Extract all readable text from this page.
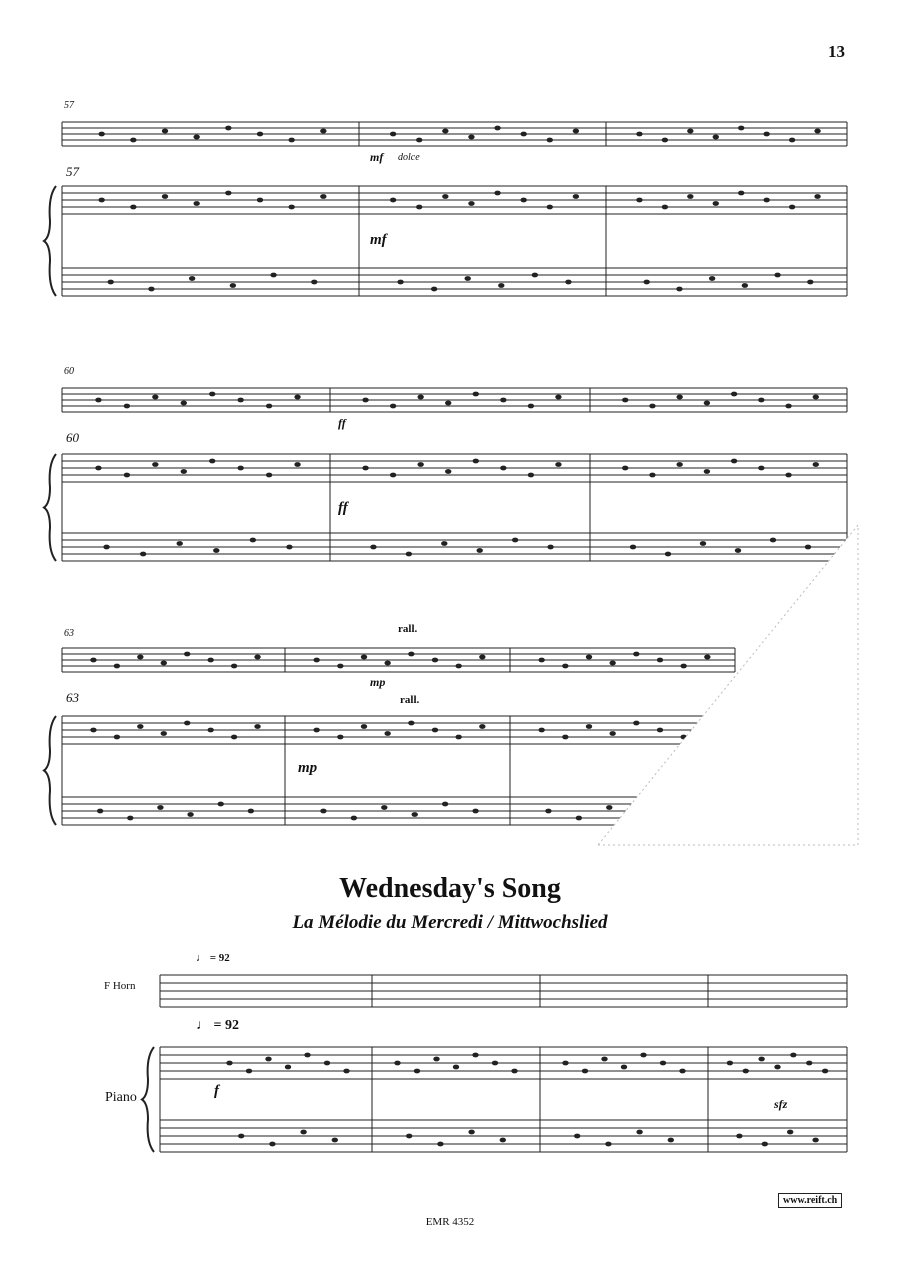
13
57
57
mf dolce
mf
60
60
ff
ff
63
63
rall.
rall.
mp
mp
Wednesday's Song
La Mélodie du Mercredi / Mittwochslied
♩ = 92
F Horn
♩ = 92
Piano	f
sfz
www.reift.ch
EMR 4352
